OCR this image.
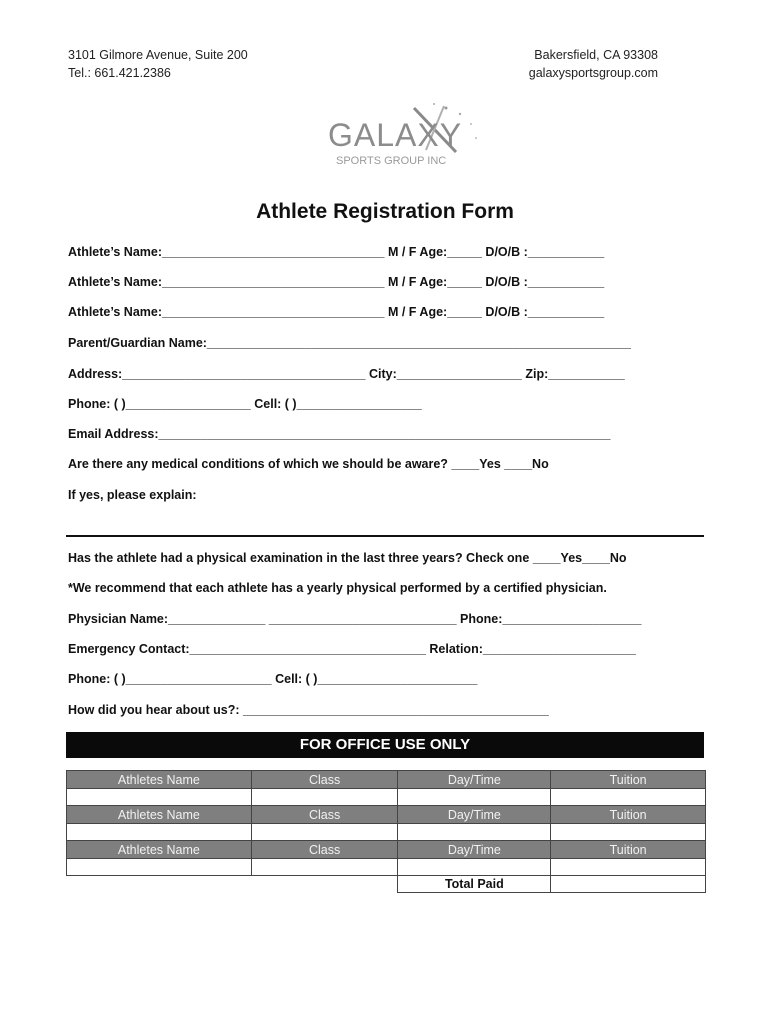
3101 Gilmore Avenue, Suite 200
Tel.: 661.421.2386
Bakersfield, CA 93308
galaxysportsgroup.com
GALAXY
SPORTS GROUP INC
Athlete Registration Form
Athlete’s Name:________________________________ M / F Age:_____ D/O/B :___________
Athlete’s Name:________________________________ M / F Age:_____ D/O/B :___________
Athlete’s Name:________________________________ M / F Age:_____ D/O/B :___________
Parent/Guardian Name:_____________________________________________________________
Address:___________________________________ City:__________________ Zip:___________
Phone: ( )__________________ Cell: ( )__________________
Email Address:_________________________________________________________________
Are there any medical conditions of which we should be aware? ____Yes ____No
If yes, please explain:
Has the athlete had a physical examination in the last three years? Check one ____Yes____No
*We recommend that each athlete has a yearly physical performed by a certified physician.
Physician Name:______________ ___________________________ Phone:____________________
Emergency Contact:__________________________________ Relation:______________________
Phone: ( )_____________________ Cell: ( )_______________________
How did you hear about us?: ____________________________________________
FOR OFFICE USE ONLY
Athletes Name	Class	Day/Time	Tuition

Athletes Name	Class	Day/Time	Tuition

Athletes Name	Class	Day/Time	Tuition

		Total Paid	
